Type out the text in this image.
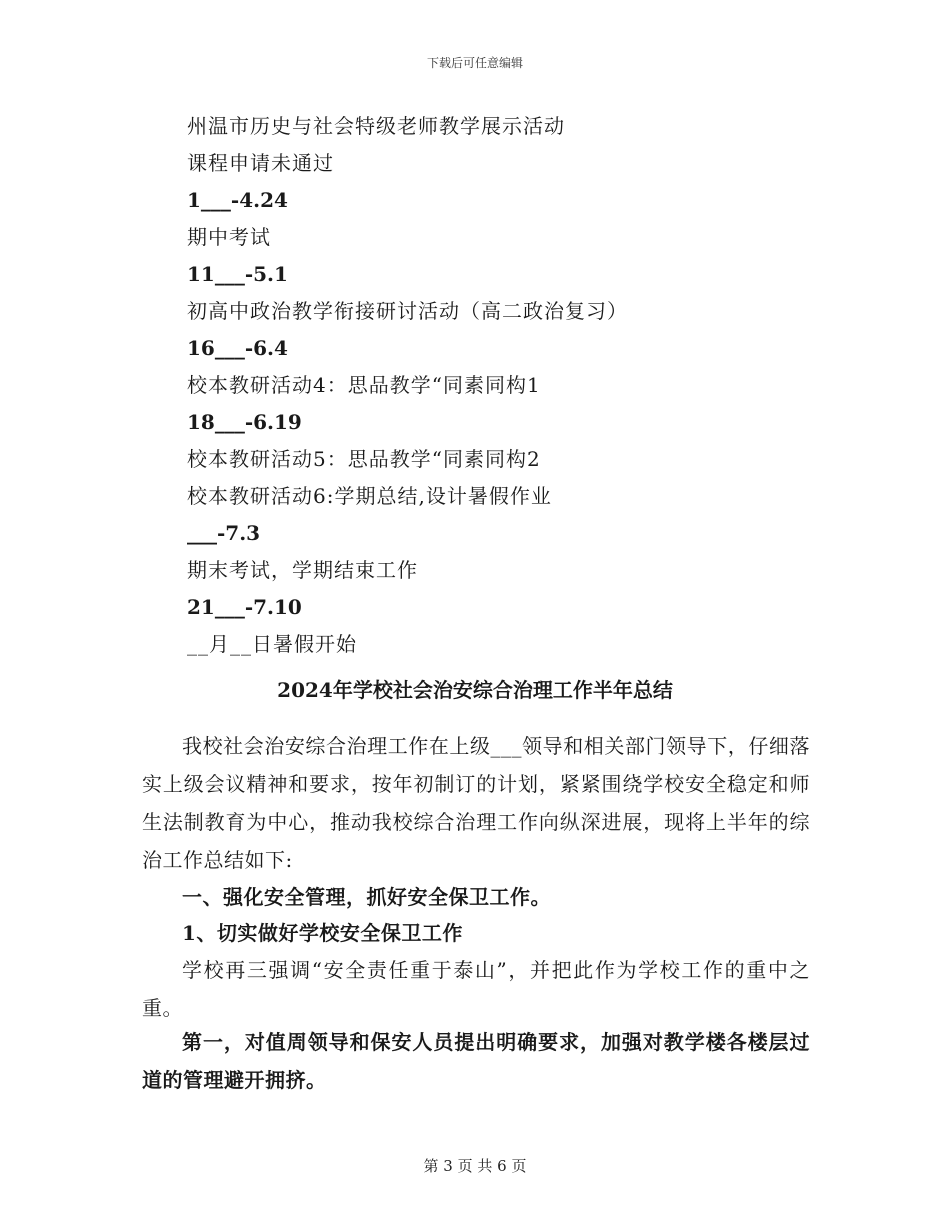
下载后可任意编辑
州温市历史与社会特级老师教学展示活动
课程申请未通过
1___-4.24
期中考试
11___-5.1
初高中政治教学衔接研讨活动（高二政治复习）
16___-6.4
校本教研活动4：思品教学“同素同构1
18___-6.19
校本教研活动5：思品教学“同素同构2
校本教研活动6:学期总结,设计暑假作业
___-7.3
期末考试，学期结束工作
21___-7.10
__月__日暑假开始
2024年学校社会治安综合治理工作半年总结
我校社会治安综合治理工作在上级___领导和相关部门领导下，仔细落实上级会议精神和要求，按年初制订的计划，紧紧围绕学校安全稳定和师生法制教育为中心，推动我校综合治理工作向纵深进展，现将上半年的综治工作总结如下:
一、强化安全管理，抓好安全保卫工作。
1、切实做好学校安全保卫工作
学校再三强调“安全责任重于泰山”，并把此作为学校工作的重中之重。
第一，对值周领导和保安人员提出明确要求，加强对教学楼各楼层过道的管理避开拥挤。
第 3 页 共 6 页
